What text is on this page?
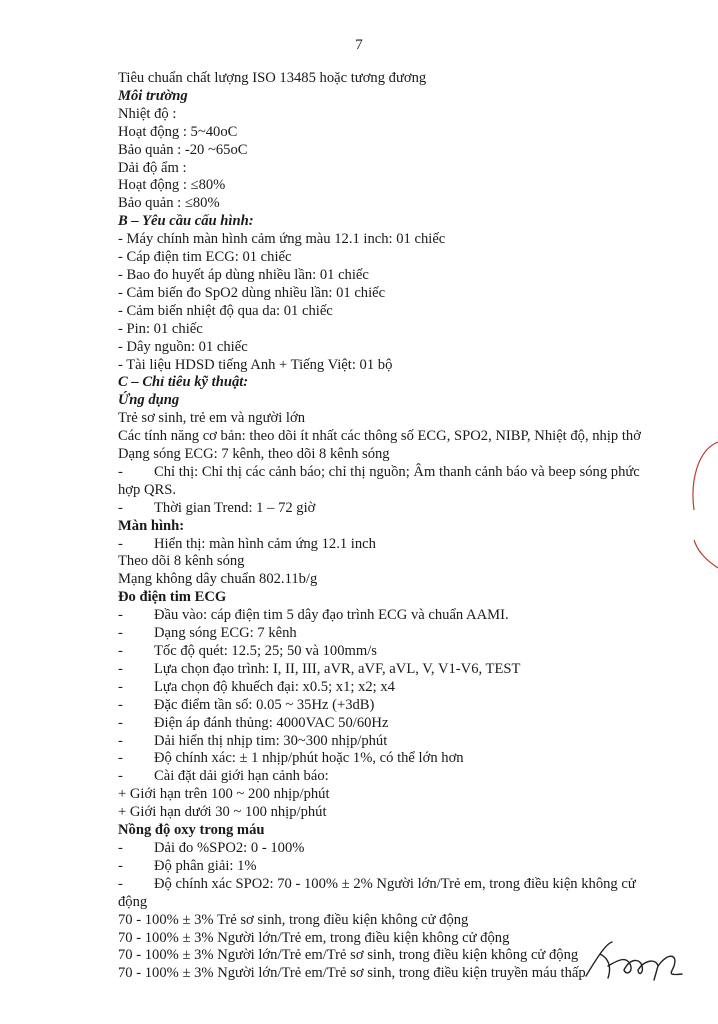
7
Tiêu chuẩn chất lượng ISO 13485 hoặc tương đương
Môi trường
Nhiệt độ :
Hoạt động : 5~40oC
Bảo quản : -20 ~65oC
Dải độ ẩm :
Hoạt động : ≤80%
Bảo quản : ≤80%
B – Yêu cầu cấu hình:
- Máy chính màn hình cảm ứng màu 12.1 inch: 01 chiếc
- Cáp điện tim ECG: 01 chiếc
- Bao đo huyết áp dùng nhiều lần: 01 chiếc
- Cảm biến đo SpO2 dùng nhiều lần: 01 chiếc
- Cảm biến nhiệt độ qua da: 01 chiếc
- Pin: 01 chiếc
- Dây nguồn: 01 chiếc
- Tài liệu HDSD tiếng Anh + Tiếng Việt: 01 bộ
C – Chỉ tiêu kỹ thuật:
Ứng dụng
Trẻ sơ sinh, trẻ em và người lớn
Các tính năng cơ bản: theo dõi ít nhất các thông số ECG, SPO2, NIBP, Nhiệt độ, nhịp thở
Dạng sóng ECG: 7 kênh, theo dõi 8 kênh sóng
- Chỉ thị: Chỉ thị các cảnh báo; chỉ thị nguồn; Âm thanh cảnh báo và beep sóng phức hợp QRS.
- Thời gian Trend: 1 – 72 giờ
Màn hình:
- Hiển thị: màn hình cảm ứng 12.1 inch
Theo dõi 8 kênh sóng
Mạng không dây chuẩn 802.11b/g
Đo điện tim ECG
- Đầu vào: cáp điện tim 5 dây đạo trình ECG và chuẩn AAMI.
- Dạng sóng ECG: 7 kênh
- Tốc độ quét: 12.5; 25; 50 và 100mm/s
- Lựa chọn đạo trình: I, II, III, aVR, aVF, aVL, V, V1-V6, TEST
- Lựa chọn độ khuếch đại: x0.5; x1; x2; x4
- Đặc điểm tần số: 0.05 ~ 35Hz (+3dB)
- Điện áp đánh thủng: 4000VAC 50/60Hz
- Dải hiển thị nhịp tim: 30~300 nhịp/phút
- Độ chính xác: ± 1 nhịp/phút hoặc 1%, có thể lớn hơn
- Cài đặt dải giới hạn cảnh báo:
+ Giới hạn trên 100 ~ 200 nhịp/phút
+ Giới hạn dưới 30 ~ 100 nhịp/phút
Nồng độ oxy trong máu
- Dải đo %SPO2: 0 - 100%
- Độ phân giải: 1%
- Độ chính xác SPO2: 70 - 100% ± 2% Người lớn/Trẻ em, trong điều kiện không cử động
70 - 100% ± 3% Trẻ sơ sinh, trong điều kiện không cử động
70 - 100% ± 3% Người lớn/Trẻ em, trong điều kiện không cử động
70 - 100% ± 3% Người lớn/Trẻ em/Trẻ sơ sinh, trong điều kiện không cử động
70 - 100% ± 3% Người lớn/Trẻ em/Trẻ sơ sinh, trong điều kiện truyền máu thấp
